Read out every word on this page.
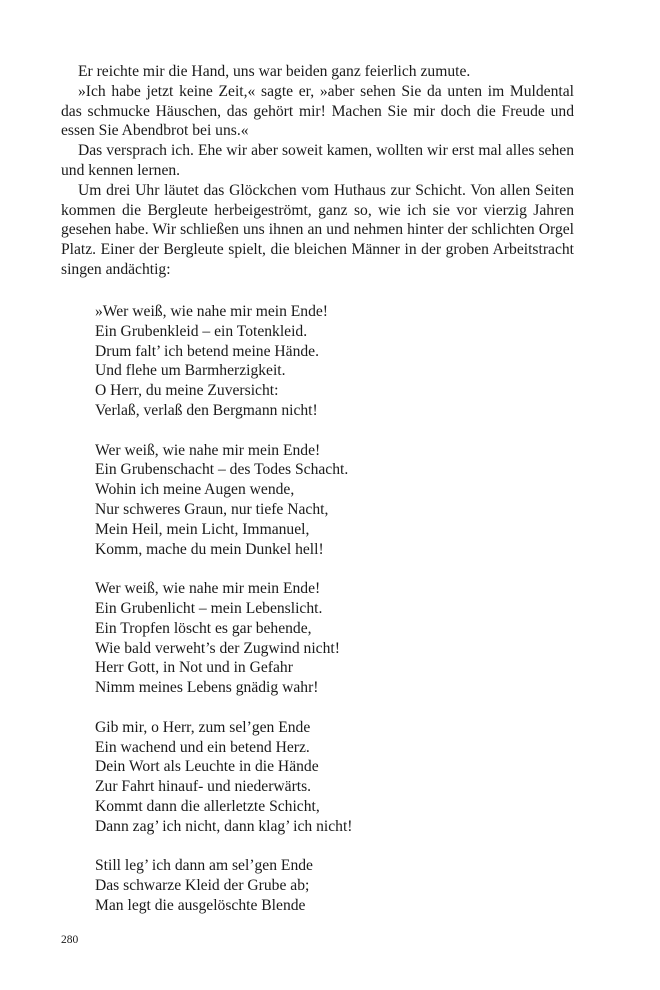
Er reichte mir die Hand, uns war beiden ganz feierlich zumute.

»Ich habe jetzt keine Zeit,« sagte er, »aber sehen Sie da unten im Muldental das schmucke Häuschen, das gehört mir! Machen Sie mir doch die Freude und essen Sie Abendbrot bei uns.«

Das versprach ich. Ehe wir aber soweit kamen, wollten wir erst mal alles sehen und kennen lernen.

Um drei Uhr läutet das Glöckchen vom Huthaus zur Schicht. Von allen Seiten kommen die Bergleute herbeigeströmt, ganz so, wie ich sie vor vierzig Jahren gesehen habe. Wir schließen uns ihnen an und nehmen hinter der schlichten Orgel Platz. Einer der Bergleute spielt, die bleichen Männer in der groben Arbeitstracht singen andächtig:

»Wer weiß, wie nahe mir mein Ende!
Ein Grubenkleid – ein Totenkleid.
Drum falt’ ich betend meine Hände.
Und flehe um Barmherzigkeit.
O Herr, du meine Zuversicht:
Verlaß, verlaß den Bergmann nicht!
Wer weiß, wie nahe mir mein Ende!
Ein Grubenschacht – des Todes Schacht.
Wohin ich meine Augen wende,
Nur schweres Graun, nur tiefe Nacht,
Mein Heil, mein Licht, Immanuel,
Komm, mache du mein Dunkel hell!
Wer weiß, wie nahe mir mein Ende!
Ein Grubenlicht – mein Lebenslicht.
Ein Tropfen löscht es gar behende,
Wie bald verweht’s der Zugwind nicht!
Herr Gott, in Not und in Gefahr
Nimm meines Lebens gnädig wahr!
Gib mir, o Herr, zum sel’gen Ende
Ein wachend und ein betend Herz.
Dein Wort als Leuchte in die Hände
Zur Fahrt hinauf- und niederwärts.
Kommt dann die allerletzte Schicht,
Dann zag’ ich nicht, dann klag’ ich nicht!
Still leg’ ich dann am sel’gen Ende
Das schwarze Kleid der Grube ab;
Man legt die ausgelöschte Blende
280
